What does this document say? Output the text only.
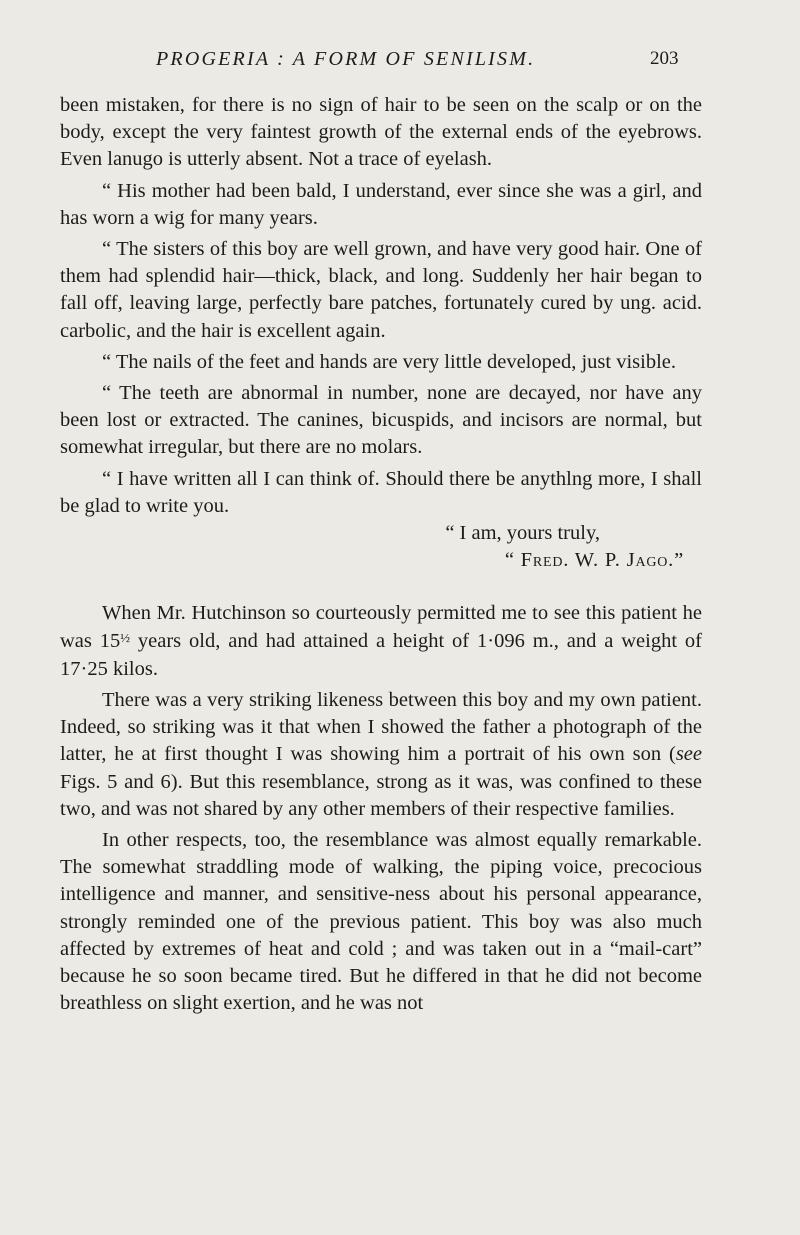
PROGERIA : A FORM OF SENILISM.	203

been mistaken, for there is no sign of hair to be seen on the scalp or on the body, except the very faintest growth of the external ends of the eyebrows. Even lanugo is utterly absent. Not a trace of eyelash.

“ His mother had been bald, I understand, ever since she was a girl, and has worn a wig for many years.

“ The sisters of this boy are well grown, and have very good hair. One of them had splendid hair—thick, black, and long. Suddenly her hair began to fall off, leaving large, perfectly bare patches, fortunately cured by ung. acid. carbolic, and the hair is excellent again.

“ The nails of the feet and hands are very little developed, just visible.

“ The teeth are abnormal in number, none are decayed, nor have any been lost or extracted. The canines, bicuspids, and incisors are normal, but somewhat irregular, but there are no molars.

“ I have written all I can think of. Should there be anythlng more, I shall be glad to write you.

“ I am, yours truly,

“ Fred. W. P. Jago.”

When Mr. Hutchinson so courteously permitted me to see this patient he was $15^{\frac{1}{2}}$ years old, and had attained a height of 1·096 m., and a weight of 17·25 kilos.

There was a very striking likeness between this boy and my own patient. Indeed, so striking was it that when I showed the father a photograph of the latter, he at first thought I was showing him a portrait of his own son (see Figs. 5 and 6). But this resemblance, strong as it was, was confined to these two, and was not shared by any other members of their respective families.

In other respects, too, the resemblance was almost equally remarkable. The somewhat straddling mode of walking, the piping voice, precocious intelligence and manner, and sensitive-ness about his personal appearance, strongly reminded one of the previous patient. This boy was also much affected by extremes of heat and cold ; and was taken out in a “mail-cart” because he so soon became tired. But he differed in that he did not become breathless on slight exertion, and he was not
